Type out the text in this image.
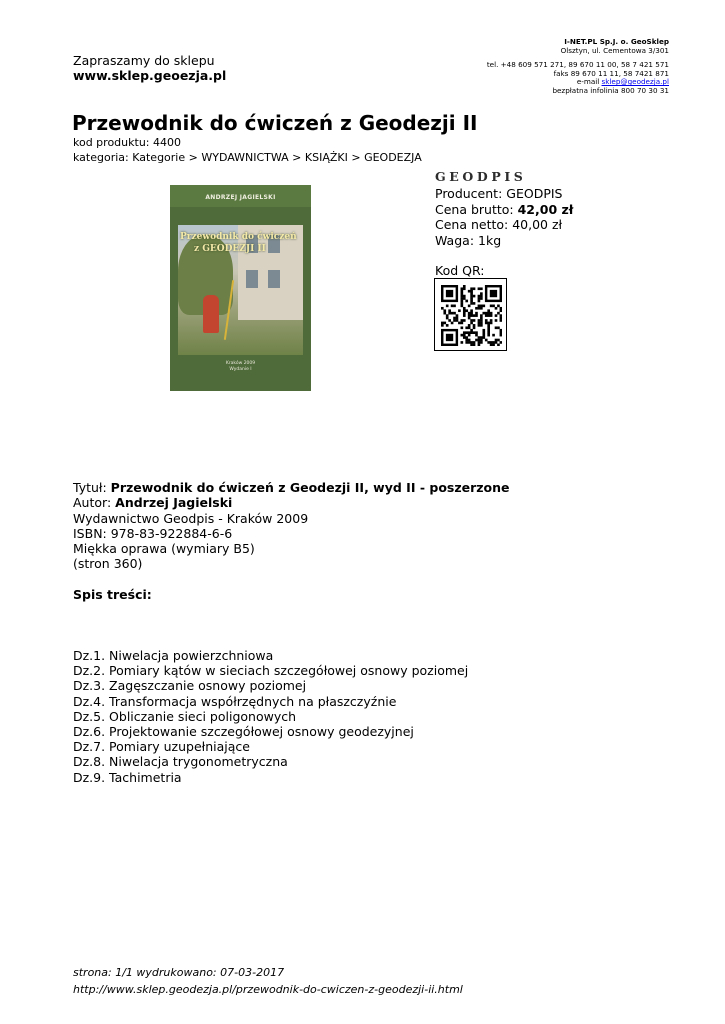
Zapraszamy do sklepu
www.sklep.geoezja.pl
I-NET.PL Sp.J. o. GeoSklep
Olsztyn, ul. Cementowa 3/301
tel. +48 609 571 271, 89 670 11 00, 58 7 421 571
faks 89 670 11 11, 58 7421 871
e-mail sklep@geodezja.pl
bezpłatna infolinia 800 70 30 31
Przewodnik do ćwiczeń z Geodezji II
kod produktu: 4400
kategoria: Kategorie > WYDAWNICTWA > KSIĄŻKI > GEODEZJA
ANDRZEJ JAGIELSKI
Przewodnik do ćwiczeń
z GEODEZJI II
Kraków 2009
Wydanie I
GEODPIS
Producent: GEODPIS
Cena brutto: 42,00 zł
Cena netto: 40,00 zł
Waga: 1kg
Kod QR:
Tytuł: Przewodnik do ćwiczeń z Geodezji II, wyd II - poszerzone
Autor: Andrzej Jagielski
Wydawnictwo Geodpis - Kraków 2009
ISBN: 978-83-922884-6-6
Miękka oprawa (wymiary B5)
(stron 360)
Spis treści:
Dz.1. Niwelacja powierzchniowa
Dz.2. Pomiary kątów w sieciach szczegółowej osnowy poziomej
Dz.3. Zagęszczanie osnowy poziomej
Dz.4. Transformacja współrzędnych na płaszczyźnie
Dz.5. Obliczanie sieci poligonowych
Dz.6. Projektowanie szczegółowej osnowy geodezyjnej
Dz.7. Pomiary uzupełniające
Dz.8. Niwelacja trygonometryczna
Dz.9. Tachimetria
strona: 1/1 wydrukowano: 07-03-2017
http://www.sklep.geodezja.pl/przewodnik-do-cwiczen-z-geodezji-ii.html
